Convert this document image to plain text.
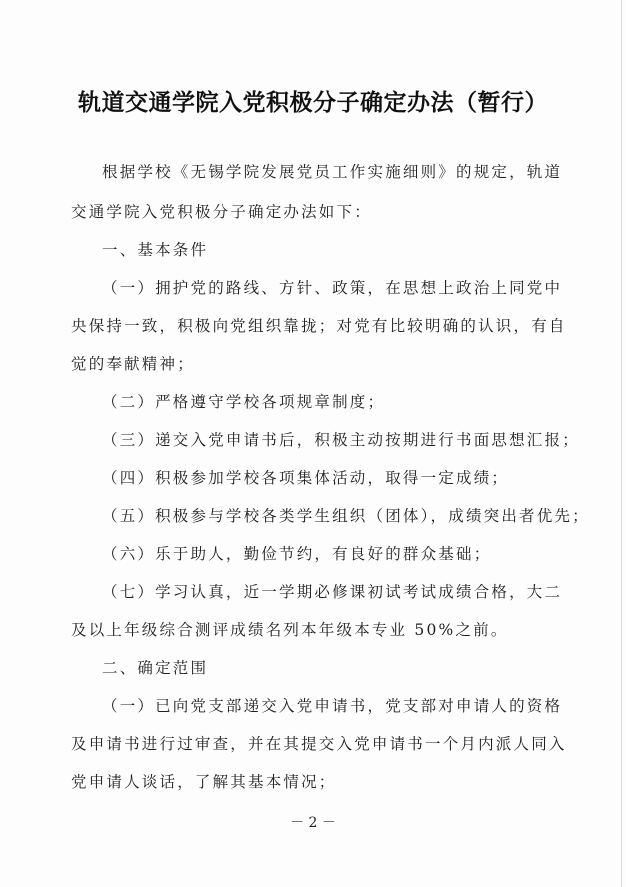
轨道交通学院入党积极分子确定办法（暂行）
根据学校《无锡学院发展党员工作实施细则》的规定，轨道
交通学院入党积极分子确定办法如下：
一、基本条件
（一）拥护党的路线、方针、政策，在思想上政治上同党中
央保持一致，积极向党组织靠拢；对党有比较明确的认识，有自
觉的奉献精神；
（二）严格遵守学校各项规章制度；
（三）递交入党申请书后，积极主动按期进行书面思想汇报；
（四）积极参加学校各项集体活动，取得一定成绩；
（五）积极参与学校各类学生组织（团体），成绩突出者优先；
（六）乐于助人，勤俭节约，有良好的群众基础；
（七）学习认真，近一学期必修课初试考试成绩合格，大二
及以上年级综合测评成绩名列本年级本专业 50%之前。
二、确定范围
（一）已向党支部递交入党申请书，党支部对申请人的资格
及申请书进行过审查，并在其提交入党申请书一个月内派人同入
党申请人谈话，了解其基本情况；
－ 2 －
